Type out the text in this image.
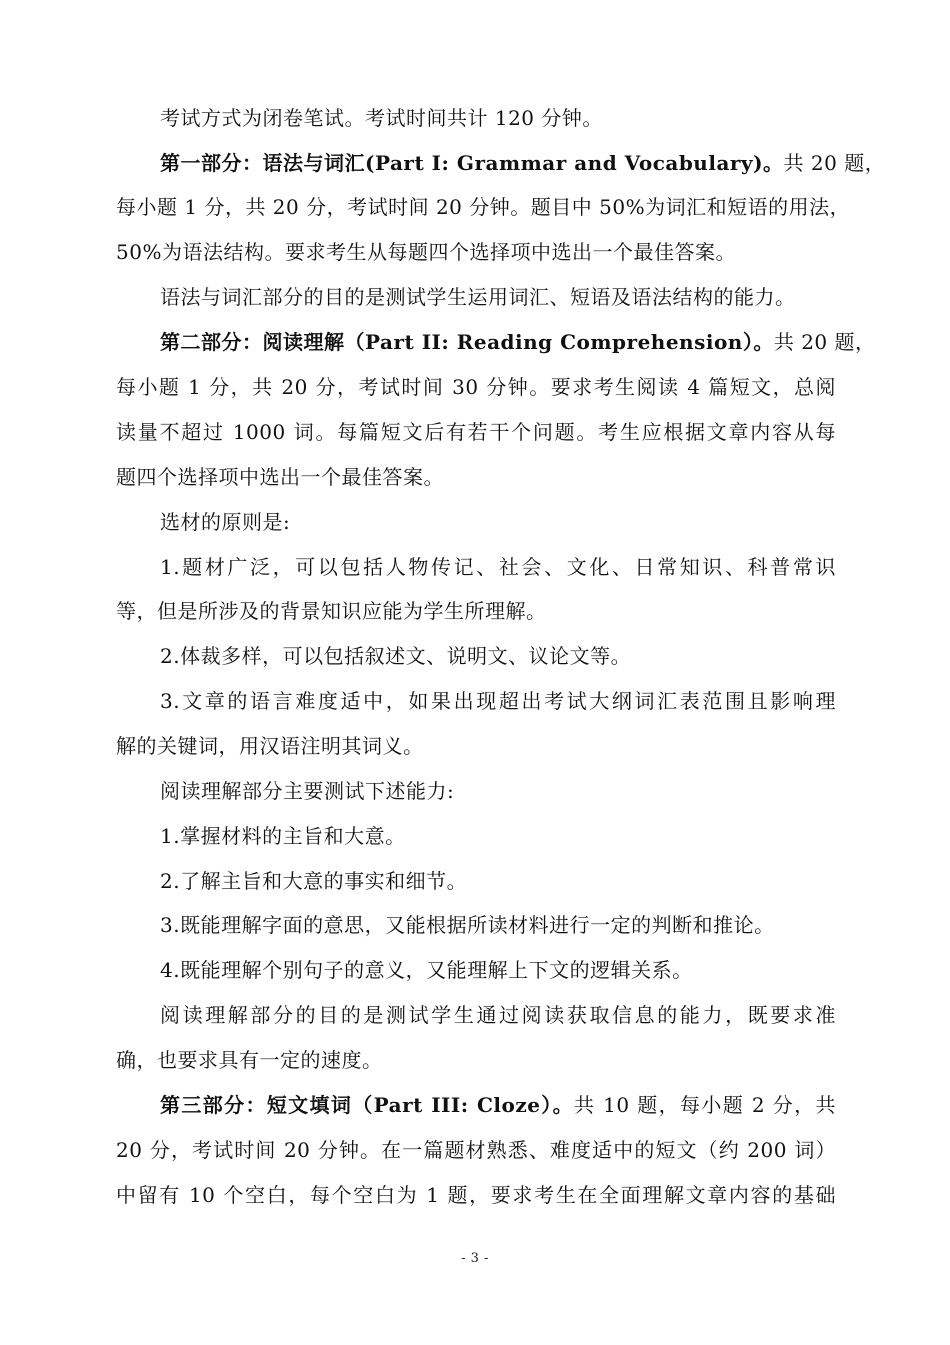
考试方式为闭卷笔试。考试时间共计 120 分钟。
第一部分：语法与词汇(Part I: Grammar and Vocabulary)。共 20 题，
每小题 1 分，共 20 分，考试时间 20 分钟。题目中 50%为词汇和短语的用法，
50%为语法结构。要求考生从每题四个选择项中选出一个最佳答案。
语法与词汇部分的目的是测试学生运用词汇、短语及语法结构的能力。
第二部分：阅读理解（Part II: Reading Comprehension）。共 20 题，
每小题 1 分，共 20 分，考试时间 30 分钟。要求考生阅读 4 篇短文，总阅
读量不超过 1000 词。每篇短文后有若干个问题。考生应根据文章内容从每
题四个选择项中选出一个最佳答案。
选材的原则是:
1.题材广泛，可以包括人物传记、社会、文化、日常知识、科普常识
等，但是所涉及的背景知识应能为学生所理解。
2.体裁多样，可以包括叙述文、说明文、议论文等。
3.文章的语言难度适中，如果出现超出考试大纲词汇表范围且影响理
解的关键词，用汉语注明其词义。
阅读理解部分主要测试下述能力:
1.掌握材料的主旨和大意。
2.了解主旨和大意的事实和细节。
3.既能理解字面的意思，又能根据所读材料进行一定的判断和推论。
4.既能理解个别句子的意义，又能理解上下文的逻辑关系。
阅读理解部分的目的是测试学生通过阅读获取信息的能力，既要求准
确，也要求具有一定的速度。
第三部分：短文填词（Part III: Cloze）。共 10 题，每小题 2 分，共
20 分，考试时间 20 分钟。在一篇题材熟悉、难度适中的短文（约 200 词）
中留有 10 个空白，每个空白为 1 题，要求考生在全面理解文章内容的基础
- 3 -
